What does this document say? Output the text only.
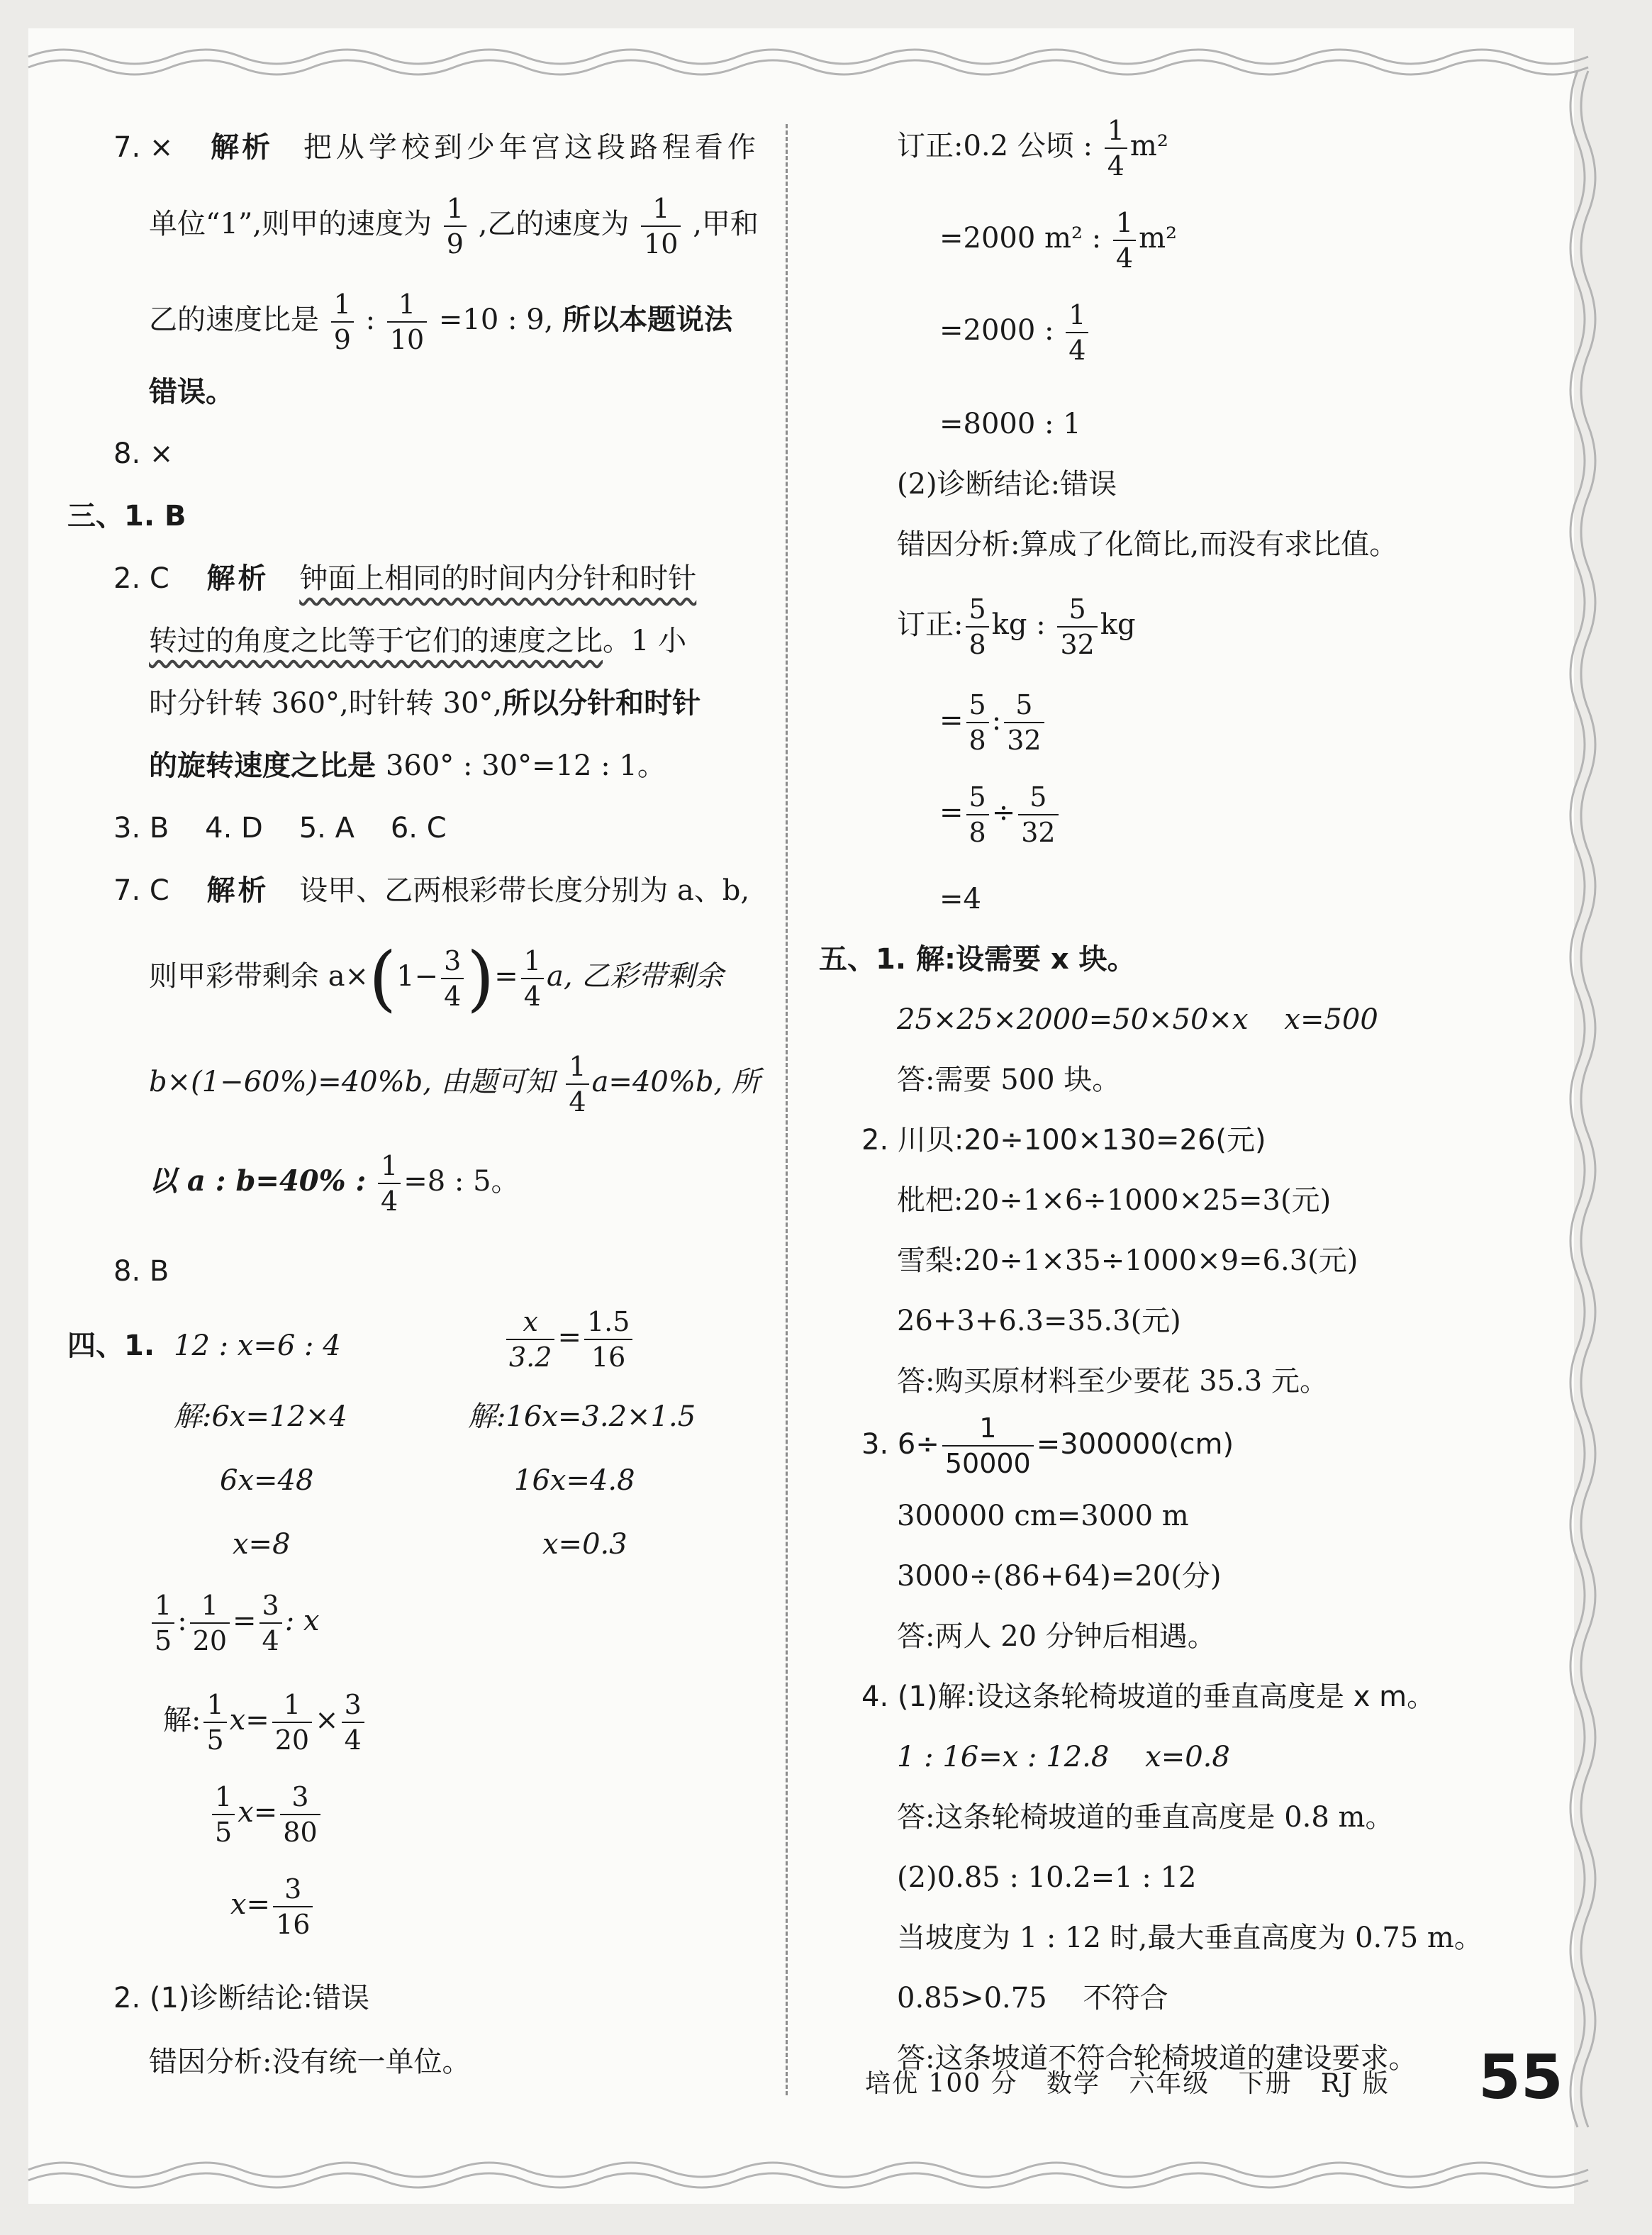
7. × 解析 把从学校到少年宫这段路程看作
单位“1”,则甲的速度为 $\frac{1}{9}$ ,乙的速度为 $\frac{1}{10}$ ,甲和
乙的速度比是 $\frac{1}{9}$ : $\frac{1}{10} =10$ : 9, 所以本题说法
错误。
8. ×
三、1. B
2. C 解析 钟面上相同的时间内分针和时针
转过的角度之比等于它们的速度之比。1 小
时分针转 360°,时针转 30°,所以分针和时针
的旋转速度之比是 360° : 30°=12 : 1。
3. B    4. D    5. A    6. C
7. C 解析 设甲、乙两根彩带长度分别为 a、b,
则甲彩带剩余 $a\times(1- \frac{3}{4}$ )= $\frac{1}{4} a$, 乙彩带剩余
b×(1−60%)=40%b, 由题可知 $\frac{1}{4} a=40\%b$, 所
以 a : b=40% : $\frac{1}{4} =8$ : 5。
8. B
四、1. 12 : x=6 : 4	$\frac{x}{3.2} = \frac{1.5}{16}$
解:6x=12×4
6x=48
x=8
解:16x=3.2×1.5
16x=4.8
x=0.3
$\frac{1}{5}$ : $\frac{1}{20} = \frac{3}{4}$ : x
解: $\frac{1}{5} x= \frac{1}{20} \times \frac{3}{4}$
$\frac{1}{5} x= \frac{3}{80}$
$x= \frac{3}{16}$
2. (1)诊断结论:错误
错因分析:没有统一单位。
订正:0.2 公顷 : $\frac{1}{4} m^2$
=2000 m² : $\frac{1}{4} m^2$
=2000 : $\frac{1}{4}$
=8000 : 1
(2)诊断结论:错误
错因分析:算成了化简比,而没有求比值。
订正: $\frac{5}{8}$ kg : $\frac{5}{32}$ kg
= $\frac{5}{8}$ : $\frac{5}{32}$
= $\frac{5}{8} \div \frac{5}{32}$
=4
五、1. 解:设需要 x 块。
25×25×2000=50×50×x    x=500
答:需要 500 块。
2. 川贝:20÷100×130=26(元)
枇杷:20÷1×6÷1000×25=3(元)
雪梨:20÷1×35÷1000×9=6.3(元)
26+3+6.3=35.3(元)
答:购买原材料至少要花 35.3 元。
3. $6\div \frac{1}{50000} =300000(cm)$
300000 cm=3000 m
3000÷(86+64)=20(分)
答:两人 20 分钟后相遇。
4. (1)解:设这条轮椅坡道的垂直高度是 x m。
1 : 16=x : 12.8    x=0.8
答:这条轮椅坡道的垂直高度是 0.8 m。
(2)0.85 : 10.2=1 : 12
当坡度为 1 : 12 时,最大垂直高度为 0.75 m。
0.85>0.75    不符合
答:这条坡道不符合轮椅坡道的建设要求。
培优 100 分   数学   六年级   下册   RJ 版 55
